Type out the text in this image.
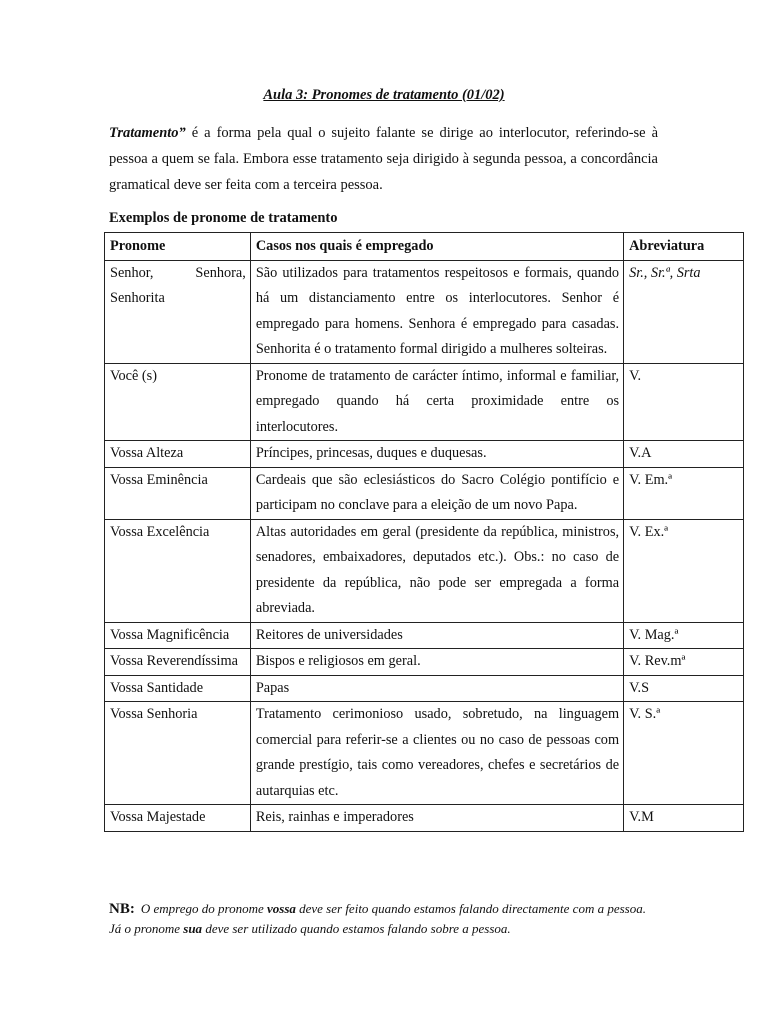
Aula 3: Pronomes de tratamento (01/02)

Tratamento” é a forma pela qual o sujeito falante se dirige ao interlocutor, referindo-se à pessoa a quem se fala. Embora esse tratamento seja dirigido à segunda pessoa, a concordância gramatical deve ser feita com a terceira pessoa.

Exemplos de pronome de tratamento
Pronome	Casos nos quais é empregado	Abreviatura
Senhor, Senhora, Senhorita	São utilizados para tratamentos respeitosos e formais, quando há um distanciamento entre os interlocutores. Senhor é empregado para homens. Senhora é empregado para casadas. Senhorita é o tratamento formal dirigido a mulheres solteiras.	Sr., Sr.ª, Srta
Você (s)	Pronome de tratamento de carácter íntimo, informal e familiar, empregado quando há certa proximidade entre os interlocutores.	V.
Vossa Alteza	Príncipes, princesas, duques e duquesas.	V.A
Vossa Eminência	Cardeais que são eclesiásticos do Sacro Colégio pontifício e participam no conclave para a eleição de um novo Papa.	V. Em.ª
Vossa Excelência	Altas autoridades em geral (presidente da república, ministros, senadores, embaixadores, deputados etc.). Obs.: no caso de presidente da república, não pode ser empregada a forma abreviada.	V. Ex.ª
Vossa Magnificência	Reitores de universidades	V. Mag.ª
Vossa Reverendíssima	Bispos e religiosos em geral.	V. Rev.mª
Vossa Santidade	Papas	V.S
Vossa Senhoria	Tratamento cerimonioso usado, sobretudo, na linguagem comercial para referir-se a clientes ou no caso de pessoas com grande prestígio, tais como vereadores, chefes e secretários de autarquias etc.	V. S.ª
Vossa Majestade	Reis, rainhas e imperadores	V.M

NB: O emprego do pronome vossa deve ser feito quando estamos falando directamente com a pessoa. Já o pronome sua deve ser utilizado quando estamos falando sobre a pessoa.
